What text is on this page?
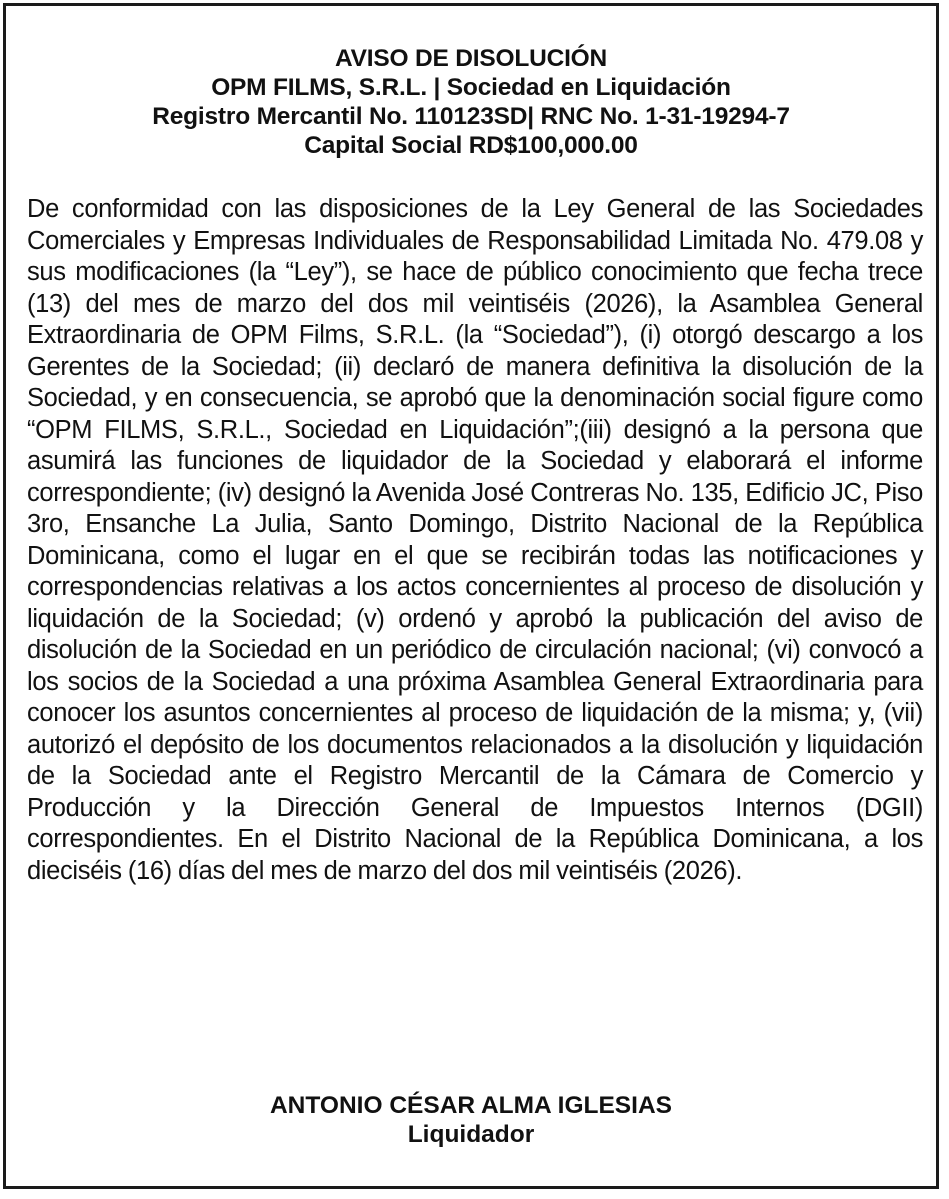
AVISO DE DISOLUCIÓN
OPM FILMS, S.R.L. | Sociedad en Liquidación
Registro Mercantil No. 110123SD| RNC No. 1-31-19294-7
Capital Social RD$100,000.00

De conformidad con las disposiciones de la Ley General de las Sociedades Comerciales y Empresas Individuales de Responsabilidad Limitada No. 479.08 y sus modificaciones (la “Ley”), se hace de público conocimiento que fecha trece (13) del mes de marzo del dos mil veintiséis (2026), la Asamblea General Extraordinaria de OPM Films, S.R.L. (la “Sociedad”), (i) otorgó descargo a los Gerentes de la Sociedad; (ii) declaró de manera definitiva la disolución de la Sociedad, y en consecuencia, se aprobó que la denominación social figure como “OPM FILMS, S.R.L., Sociedad en Liquidación”;(iii) designó a la persona que asumirá las funciones de liquidador de la Sociedad y elaborará el informe correspondiente; (iv) designó la Avenida José Contreras No. 135, Edificio JC, Piso 3ro, Ensanche La Julia, Santo Domingo, Distrito Nacional de la República Dominicana, como el lugar en el que se recibirán todas las notificaciones y correspondencias relativas a los actos concernientes al proceso de disolución y liquidación de la Sociedad; (v) ordenó y aprobó la publicación del aviso de disolución de la Sociedad en un periódico de circulación nacional; (vi) convocó a los socios de la Sociedad a una próxima Asamblea General Extraordinaria para conocer los asuntos concernientes al proceso de liquidación de la misma; y, (vii) autorizó el depósito de los documentos relacionados a la disolución y liquidación de la Sociedad ante el Registro Mercantil de la Cámara de Comercio y Producción y la Dirección General de Impuestos Internos (DGII) correspondientes. En el Distrito Nacional de la República Dominicana, a los dieciséis (16) días del mes de marzo del dos mil veintiséis (2026).

ANTONIO CÉSAR ALMA IGLESIAS
Liquidador
